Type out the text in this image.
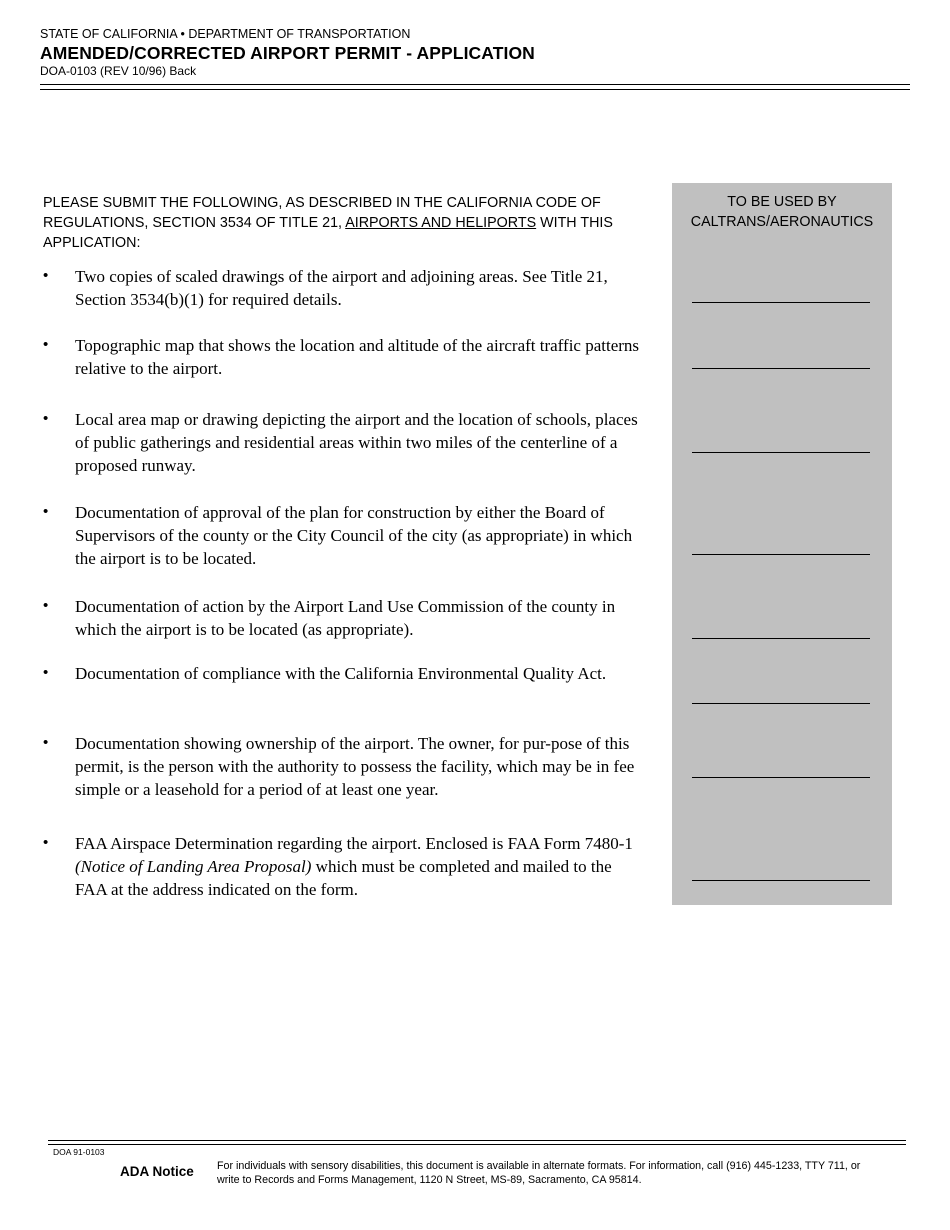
STATE OF CALIFORNIA • DEPARTMENT OF TRANSPORTATION
AMENDED/CORRECTED AIRPORT PERMIT - APPLICATION
DOA-0103 (REV 10/96) Back
PLEASE SUBMIT THE FOLLOWING, AS DESCRIBED IN THE CALIFORNIA CODE OF REGULATIONS, SECTION 3534 OF TITLE 21, AIRPORTS AND HELIPORTS WITH THIS APPLICATION:
• Two copies of scaled drawings of the airport and adjoining areas. See Title 21, Section 3534(b)(1) for required details.
• Topographic map that shows the location and altitude of the aircraft traffic patterns relative to the airport.
• Local area map or drawing depicting the airport and the location of schools, places of public gatherings and residential areas within two miles of the centerline of a proposed runway.
• Documentation of approval of the plan for construction by either the Board of Supervisors of the county or the City Council of the city (as appropriate) in which the airport is to be located.
• Documentation of action by the Airport Land Use Commission of the county in which the airport is to be located (as appropriate).
• Documentation of compliance with the California Environmental Quality Act.
• Documentation showing ownership of the airport. The owner, for pur-pose of this permit, is the person with the authority to possess the facility, which may be in fee simple or a leasehold for a period of at least one year.
• FAA Airspace Determination regarding the airport. Enclosed is FAA Form 7480-1 (Notice of Landing Area Proposal) which must be completed and mailed to the FAA at the address indicated on the form.
TO BE USED BY CALTRANS/AERONAUTICS
DOA 91-0103
ADA Notice For individuals with sensory disabilities, this document is available in alternate formats. For information, call (916) 445-1233, TTY 711, or write to Records and Forms Management, 1120 N Street, MS-89, Sacramento, CA 95814.
